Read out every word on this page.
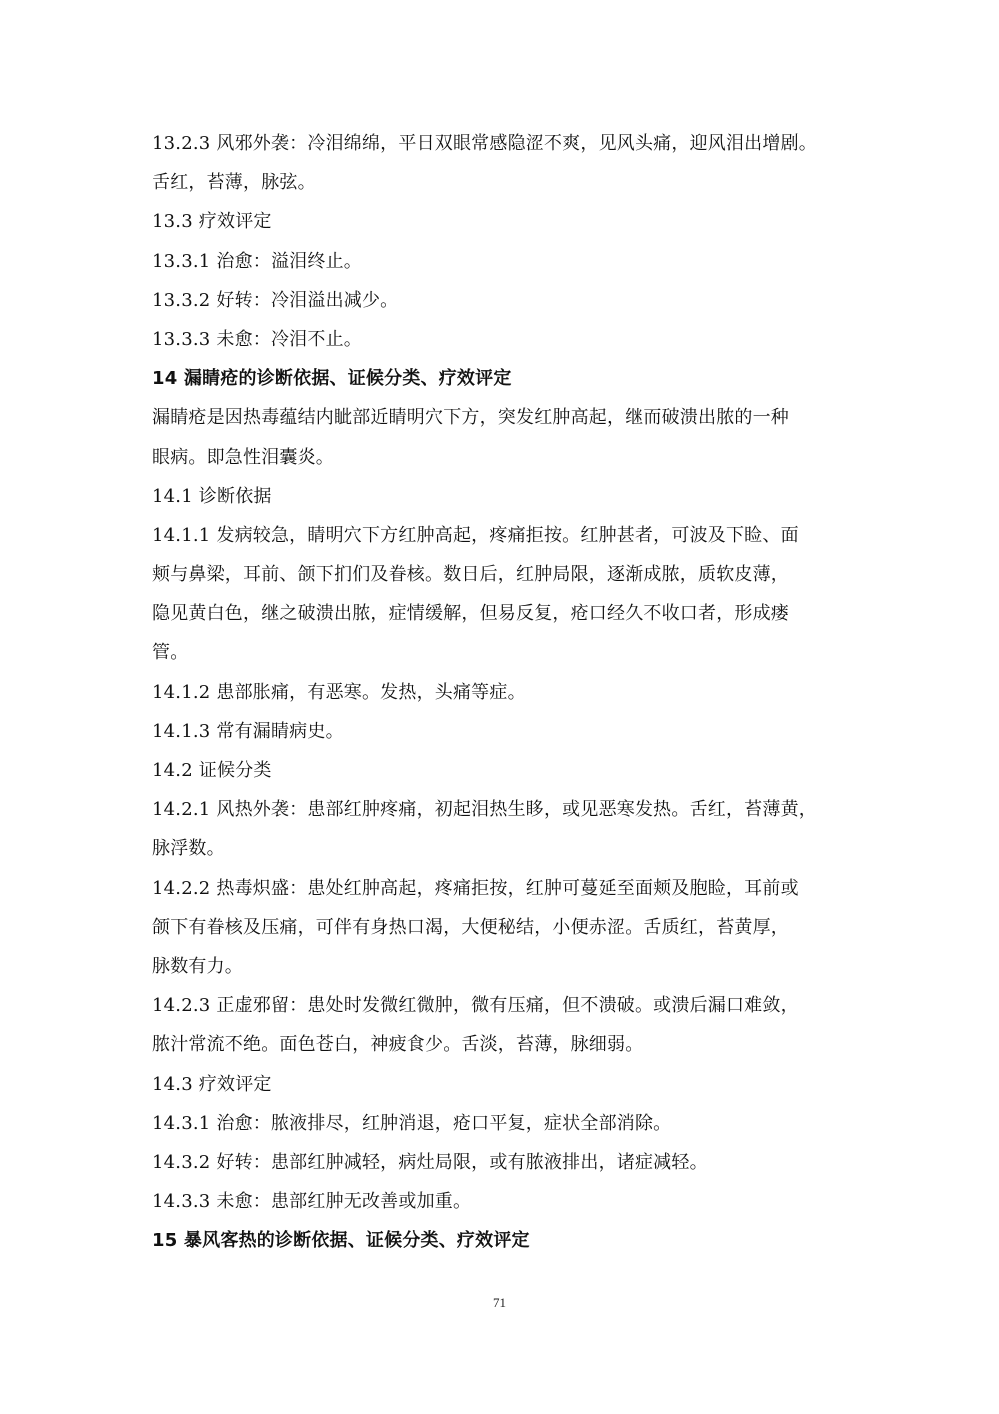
13.2.3 风邪外袭：冷泪绵绵，平日双眼常感隐涩不爽，见风头痛，迎风泪出增剧。
舌红，苔薄，脉弦。
13.3 疗效评定
13.3.1 治愈：溢泪终止。
13.3.2 好转：冷泪溢出减少。
13.3.3 未愈：冷泪不止。
14 漏睛疮的诊断依据、证候分类、疗效评定
漏睛疮是因热毒蕴结内眦部近睛明穴下方，突发红肿高起，继而破溃出脓的一种
眼病。即急性泪囊炎。
14.1 诊断依据
14.1.1 发病较急，睛明穴下方红肿高起，疼痛拒按。红肿甚者，可波及下睑、面
颊与鼻梁，耳前、颌下扪们及眷核。数日后，红肿局限，逐渐成脓，质软皮薄，
隐见黄白色，继之破溃出脓，症情缓解，但易反复，疮口经久不收口者，形成瘘
管。
14.1.2 患部胀痛，有恶寒。发热，头痛等症。
14.1.3 常有漏睛病史。
14.2 证候分类
14.2.1 风热外袭：患部红肿疼痛，初起泪热生眵，或见恶寒发热。舌红，苔薄黄，
脉浮数。
14.2.2 热毒炽盛：患处红肿高起，疼痛拒按，红肿可蔓延至面颊及胞睑，耳前或
颌下有眷核及压痛，可伴有身热口渴，大便秘结，小便赤涩。舌质红，苔黄厚，
脉数有力。
14.2.3 正虚邪留：患处时发微红微肿，微有压痛，但不溃破。或溃后漏口难敛，
脓汁常流不绝。面色苍白，神疲食少。舌淡，苔薄，脉细弱。
14.3 疗效评定
14.3.1 治愈：脓液排尽，红肿消退，疮口平复，症状全部消除。
14.3.2 好转：患部红肿减轻，病灶局限，或有脓液排出，诸症减轻。
14.3.3 未愈：患部红肿无改善或加重。
15 暴风客热的诊断依据、证候分类、疗效评定
71
